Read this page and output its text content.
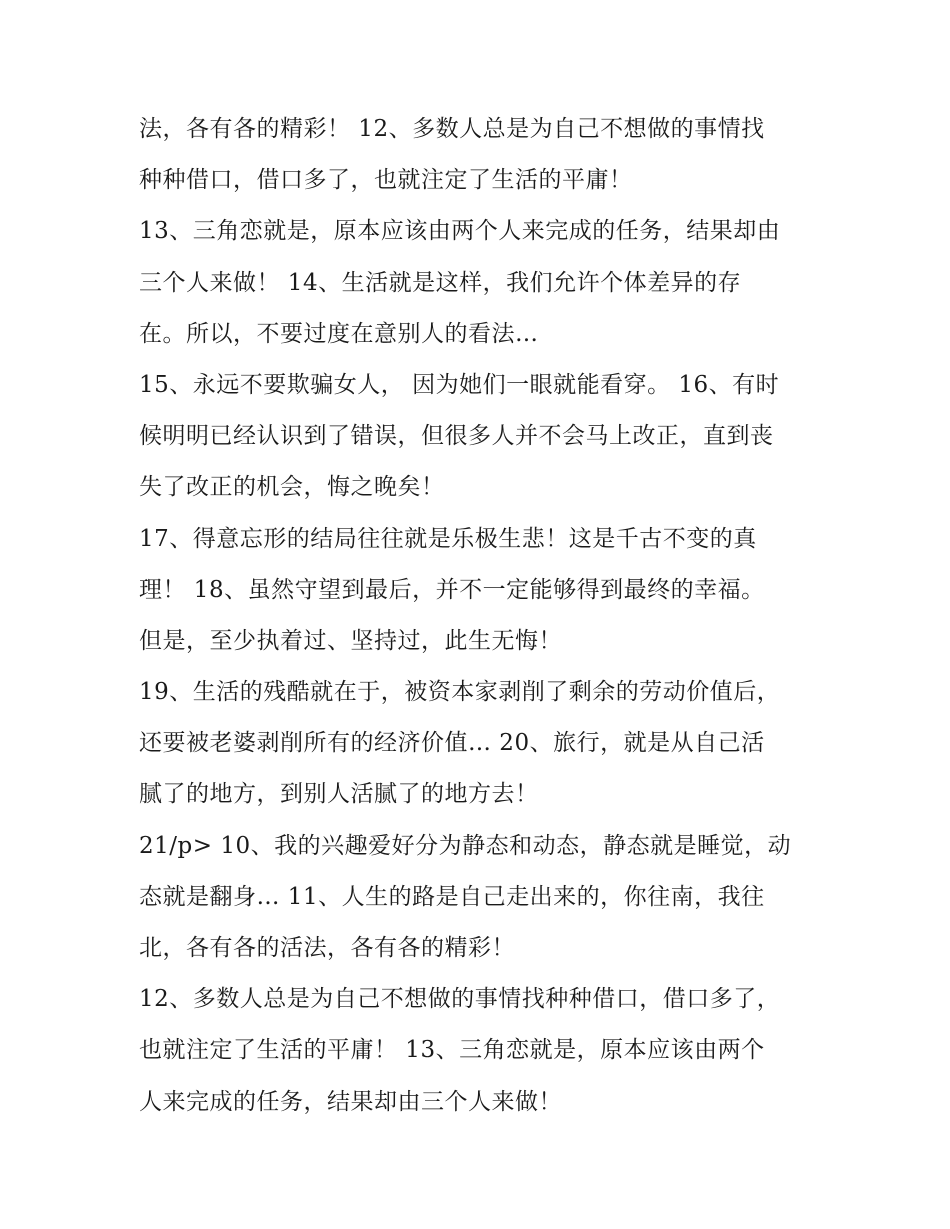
法，各有各的精彩！ 12、多数人总是为自己不想做的事情找
种种借口，借口多了，也就注定了生活的平庸！
13、三角恋就是，原本应该由两个人来完成的任务，结果却由
三个人来做！ 14、生活就是这样，我们允许个体差异的存
在。所以，不要过度在意别人的看法…
15、永远不要欺骗女人， 因为她们一眼就能看穿。 16、有时
候明明已经认识到了错误，但很多人并不会马上改正，直到丧
失了改正的机会，悔之晚矣！
17、得意忘形的结局往往就是乐极生悲！这是千古不变的真
理！ 18、虽然守望到最后，并不一定能够得到最终的幸福。
但是，至少执着过、坚持过，此生无悔！
19、生活的残酷就在于，被资本家剥削了剩余的劳动价值后，
还要被老婆剥削所有的经济价值… 20、旅行，就是从自己活
腻了的地方，到别人活腻了的地方去！
21/p> 10、我的兴趣爱好分为静态和动态，静态就是睡觉，动
态就是翻身… 11、人生的路是自己走出来的，你往南，我往
北，各有各的活法，各有各的精彩！
12、多数人总是为自己不想做的事情找种种借口，借口多了，
也就注定了生活的平庸！ 13、三角恋就是，原本应该由两个
人来完成的任务，结果却由三个人来做！
